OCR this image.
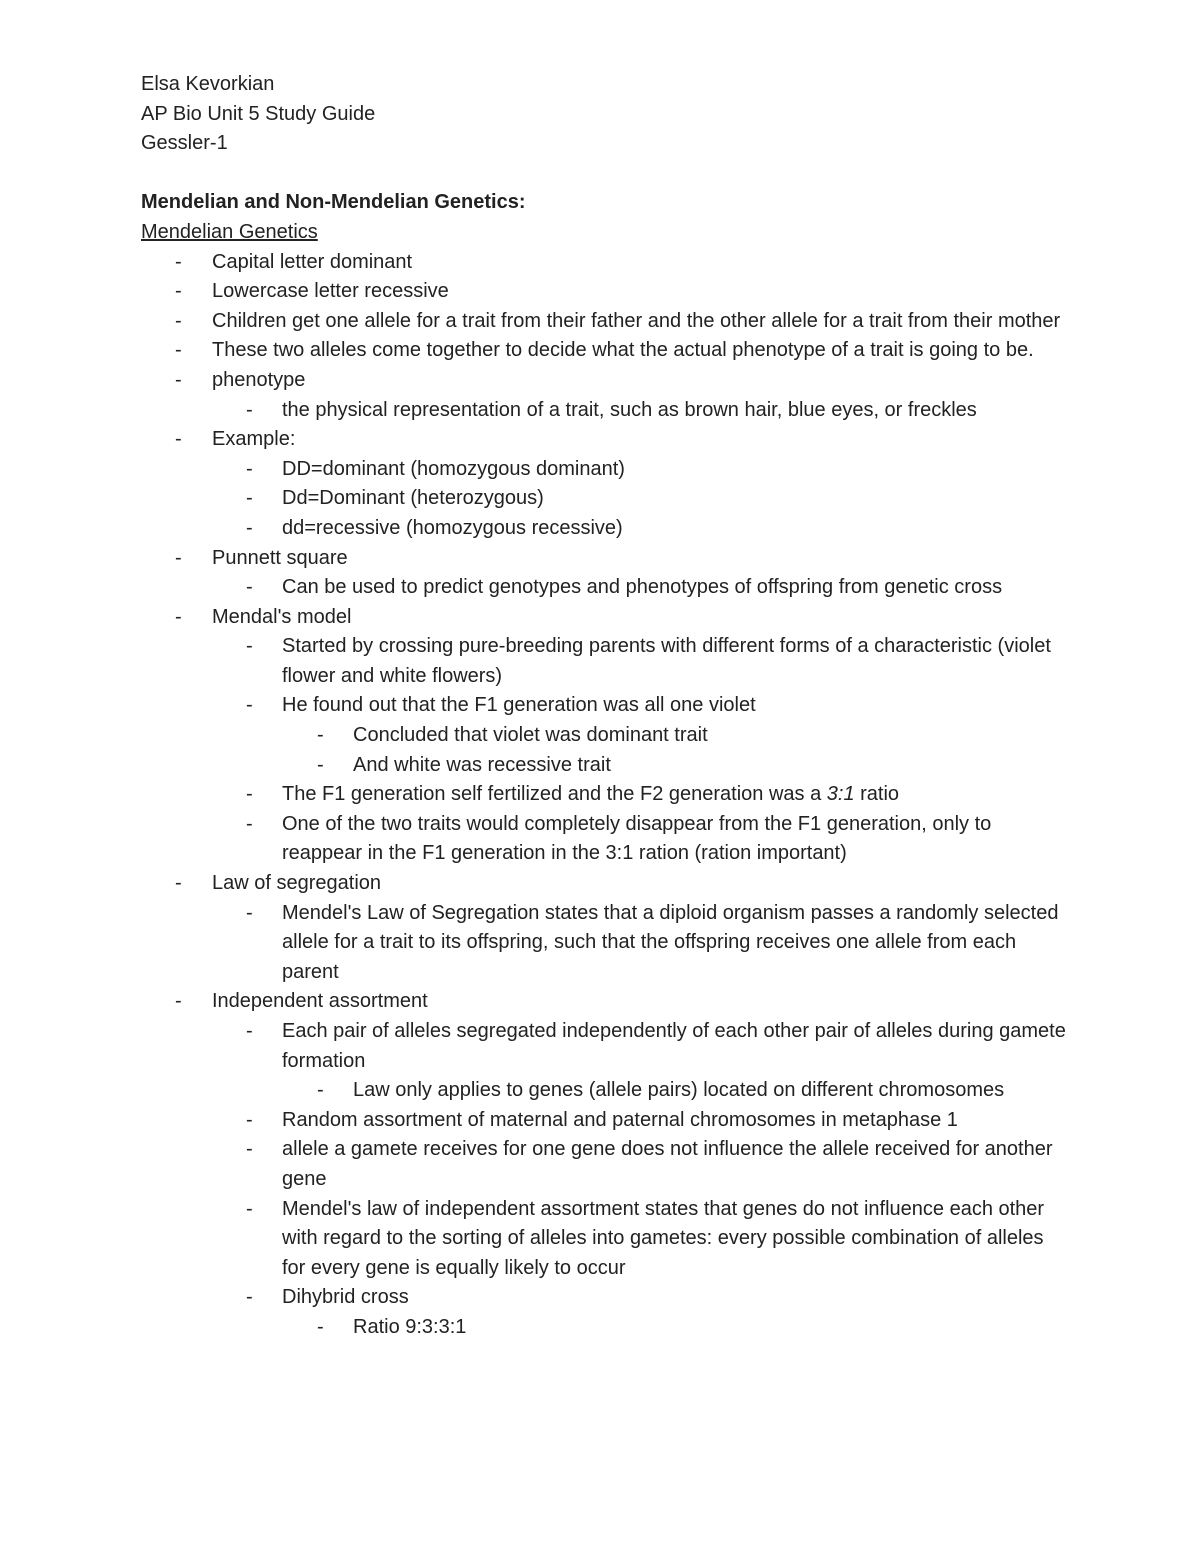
Elsa Kevorkian
AP Bio Unit 5 Study Guide
Gessler-1
Mendelian and Non-Mendelian Genetics:
Mendelian Genetics
- Capital letter dominant
- Lowercase letter recessive
- Children get one allele for a trait from their father and the other allele for a trait from their mother
- These two alleles come together to decide what the actual phenotype of a trait is going to be.
- phenotype
- the physical representation of a trait, such as brown hair, blue eyes, or freckles
- Example:
- DD=dominant (homozygous dominant)
- Dd=Dominant (heterozygous)
- dd=recessive (homozygous recessive)
- Punnett square
- Can be used to predict genotypes and phenotypes of offspring from genetic cross
- Mendal's model
- Started by crossing pure-breeding parents with different forms of a characteristic (violet flower and white flowers)
- He found out that the F1 generation was all one violet
- Concluded that violet was dominant trait
- And white was recessive trait
- The F1 generation self fertilized and the F2 generation was a 3:1 ratio
- One of the two traits would completely disappear from the F1 generation, only to reappear in the F1 generation in the 3:1 ration (ration important)
- Law of segregation
- Mendel's Law of Segregation states that a diploid organism passes a randomly selected allele for a trait to its offspring, such that the offspring receives one allele from each parent
- Independent assortment
- Each pair of alleles segregated independently of each other pair of alleles during gamete formation
- Law only applies to genes (allele pairs) located on different chromosomes
- Random assortment of maternal and paternal chromosomes in metaphase 1
- allele a gamete receives for one gene does not influence the allele received for another gene
- Mendel's law of independent assortment states that genes do not influence each other with regard to the sorting of alleles into gametes: every possible combination of alleles for every gene is equally likely to occur
- Dihybrid cross
- Ratio 9:3:3:1
